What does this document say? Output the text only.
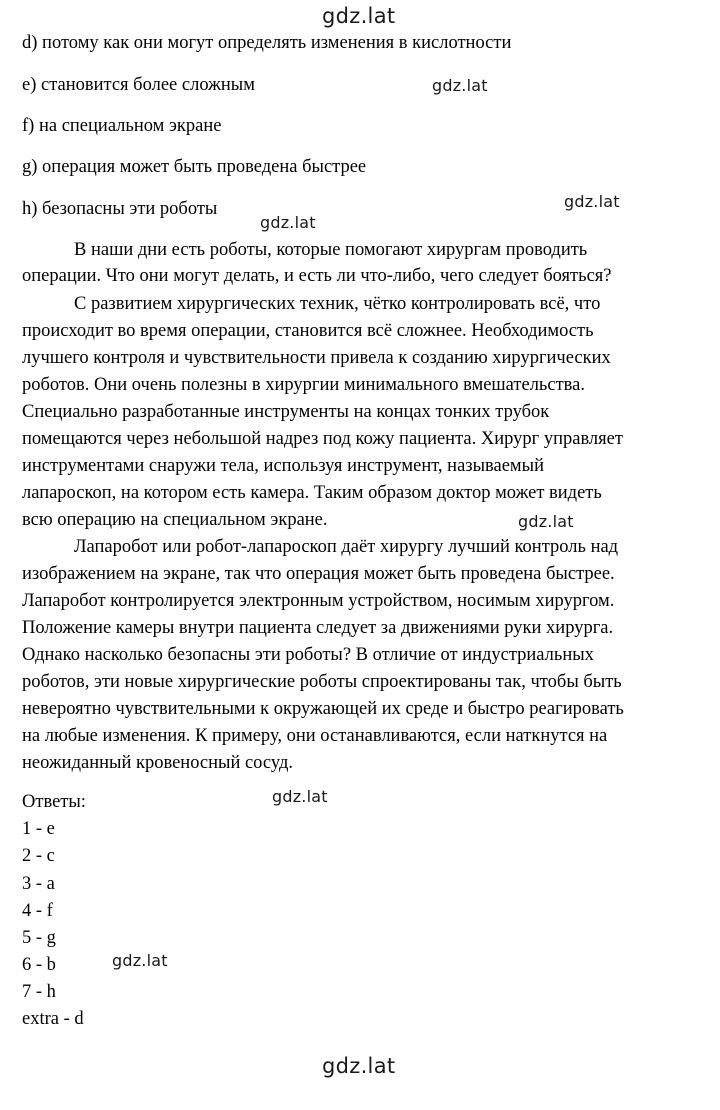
gdz.lat
gdz.lat
gdz.lat
gdz.lat
gdz.lat
gdz.lat
gdz.lat
gdz.lat
d) потому как они могут определять изменения в кислотности
e) становится более сложным
f) на специальном экране
g) операция может быть проведена быстрее
h) безопасны эти роботы
В наши дни есть роботы, которые помогают хирургам проводить
операции. Что они могут делать, и есть ли что-либо, чего следует бояться?
С развитием хирургических техник, чётко контролировать всё, что
происходит во время операции, становится всё сложнее. Необходимость
лучшего контроля и чувствительности привела к созданию хирургических
роботов. Они очень полезны в хирургии минимального вмешательства.
Специально разработанные инструменты на концах тонких трубок
помещаются через небольшой надрез под кожу пациента. Хирург управляет
инструментами снаружи тела, используя инструмент, называемый
лапароскоп, на котором есть камера. Таким образом доктор может видеть
всю операцию на специальном экране.
Лапаробот или робот-лапароскоп даёт хирургу лучший контроль над
изображением на экране, так что операция может быть проведена быстрее.
Лапаробот контролируется электронным устройством, носимым хирургом.
Положение камеры внутри пациента следует за движениями руки хирурга.
Однако насколько безопасны эти роботы? В отличие от индустриальных
роботов, эти новые хирургические роботы спроектированы так, чтобы быть
невероятно чувствительными к окружающей их среде и быстро реагировать
на любые изменения. К примеру, они останавливаются, если наткнутся на
неожиданный кровеносный сосуд.
Ответы:
1 - e
2 - c
3 - a
4 - f
5 - g
6 - b
7 - h
extra - d
